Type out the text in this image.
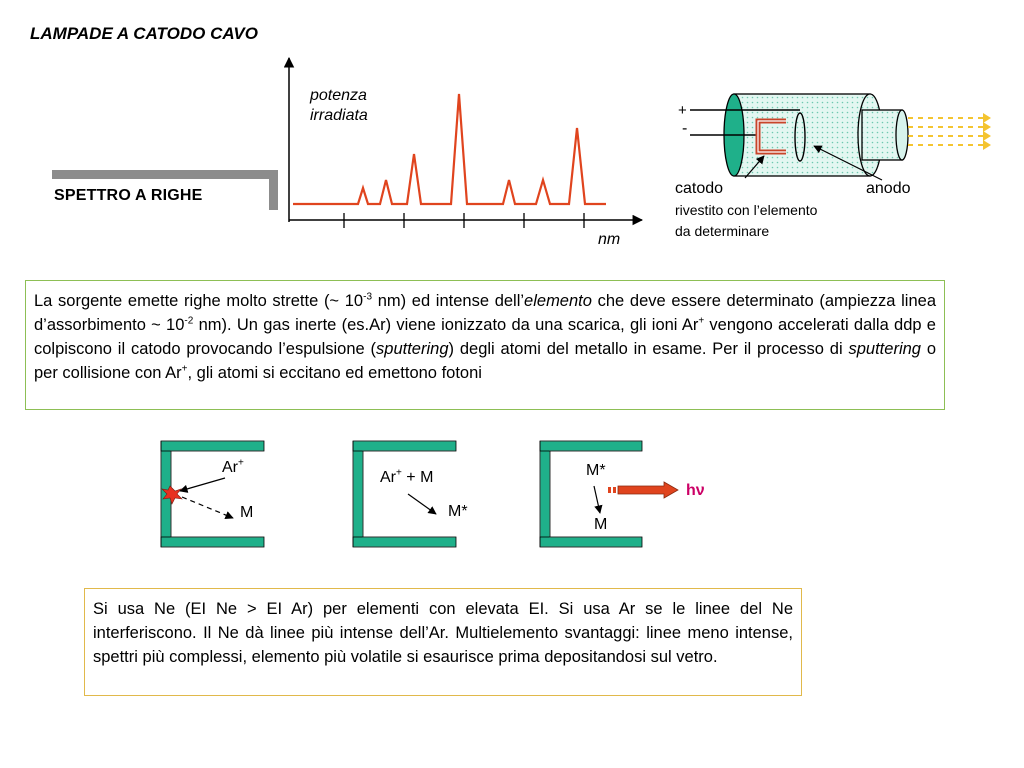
LAMPADE A CATODO CAVO
SPETTRO A RIGHE
potenza
irradiata
nm
+
-
catodo	anodo
rivestito con l’elemento
da determinare
La sorgente emette righe molto strette (~ $10^{-3}$ nm) ed intense dell’elemento che deve essere determinato (ampiezza linea d’assorbimento ~ $10^{-2}$ nm). Un gas inerte (es.Ar) viene ionizzato da una scarica, gli ioni Ar+ vengono accelerati dalla ddp e colpiscono il catodo provocando l’espulsione (sputtering) degli atomi del metallo in esame. Per il processo di sputtering o per collisione con Ar+, gli atomi si eccitano ed emettono fotoni
Ar+
M
Ar+ + M
M*
M*
M
hν
Si usa Ne (EI Ne > EI Ar) per elementi con elevata EI. Si usa Ar se le linee del Ne interferiscono. Il Ne dà linee più intense dell’Ar. Multielemento svantaggi: linee meno intense, spettri più complessi, elemento più volatile si esaurisce prima depositandosi sul vetro.
